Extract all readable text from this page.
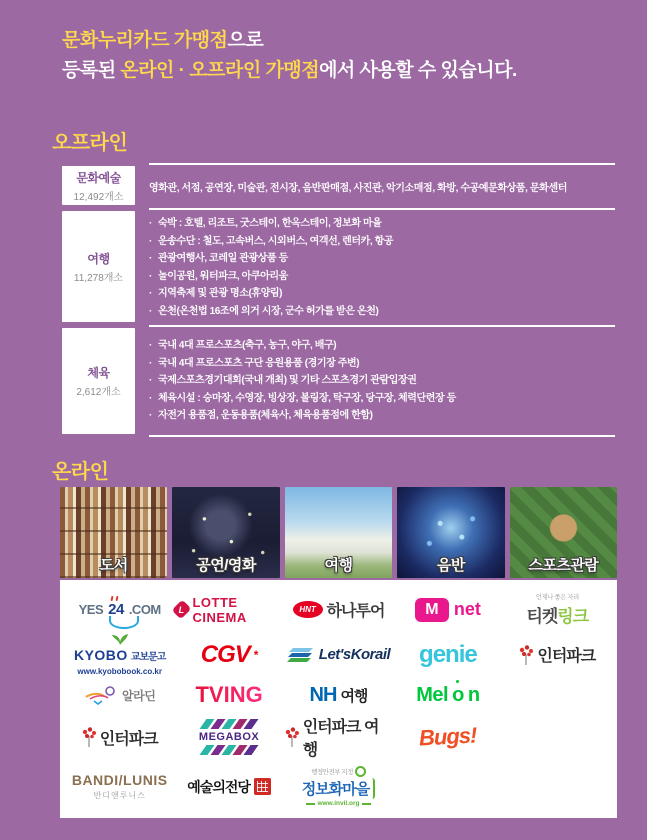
문화누리카드 가맹점으로
등록된 온라인 · 오프라인 가맹점에서 사용할 수 있습니다.
오프라인
문화예술
12,492개소
영화관, 서점, 공연장, 미술관, 전시장, 음반판매점, 사진관, 악기소매점, 화방, 수공예문화상품, 문화센터
여행
11,278개소
· 숙박 : 호텔, 리조트, 굿스테이, 한옥스테이, 정보화 마을
· 운송수단 : 철도, 고속버스, 시외버스, 여객선, 렌터카, 항공
· 관광여행사, 코레일 관광상품 등
· 놀이공원, 워터파크, 아쿠아리움
· 지역축제 및 관광 명소(휴양림)
· 온천(온천법 16조에 의거 시장, 군수 허가를 받은 온천)
체육
2,612개소
· 국내 4대 프로스포츠(축구, 농구, 야구, 배구)
· 국내 4대 프로스포츠 구단 응원용품 (경기장 주변)
· 국제스포츠경기대회(국내 개최) 및 기타 스포츠경기 관람입장권
· 체육시설 : 승마장, 수영장, 빙상장, 볼링장, 탁구장, 당구장, 체력단련장 등
· 자전거 용품점, 운동용품(체육사, 체육용품점에 한함)
온라인
도서	공연/영화	여행	음반	스포츠관람
YES 24 .COM L LOTTE CINEMA	HNT 하나투어	M net
언제나 좋은 자리
티켓링크
KYOBO 교보문고
www.kyobobook.co.kr
CGV *	Let'sKorail genie	인터파크
알라딘 TVING NH 여행 Mel o n
인터파크	MEGABOX
인터파크 여행
Bugs!
BANDI/LUNIS
반디앤루니스
예술의전당
행정안전부 지정
정보화마을
www.invil.org
